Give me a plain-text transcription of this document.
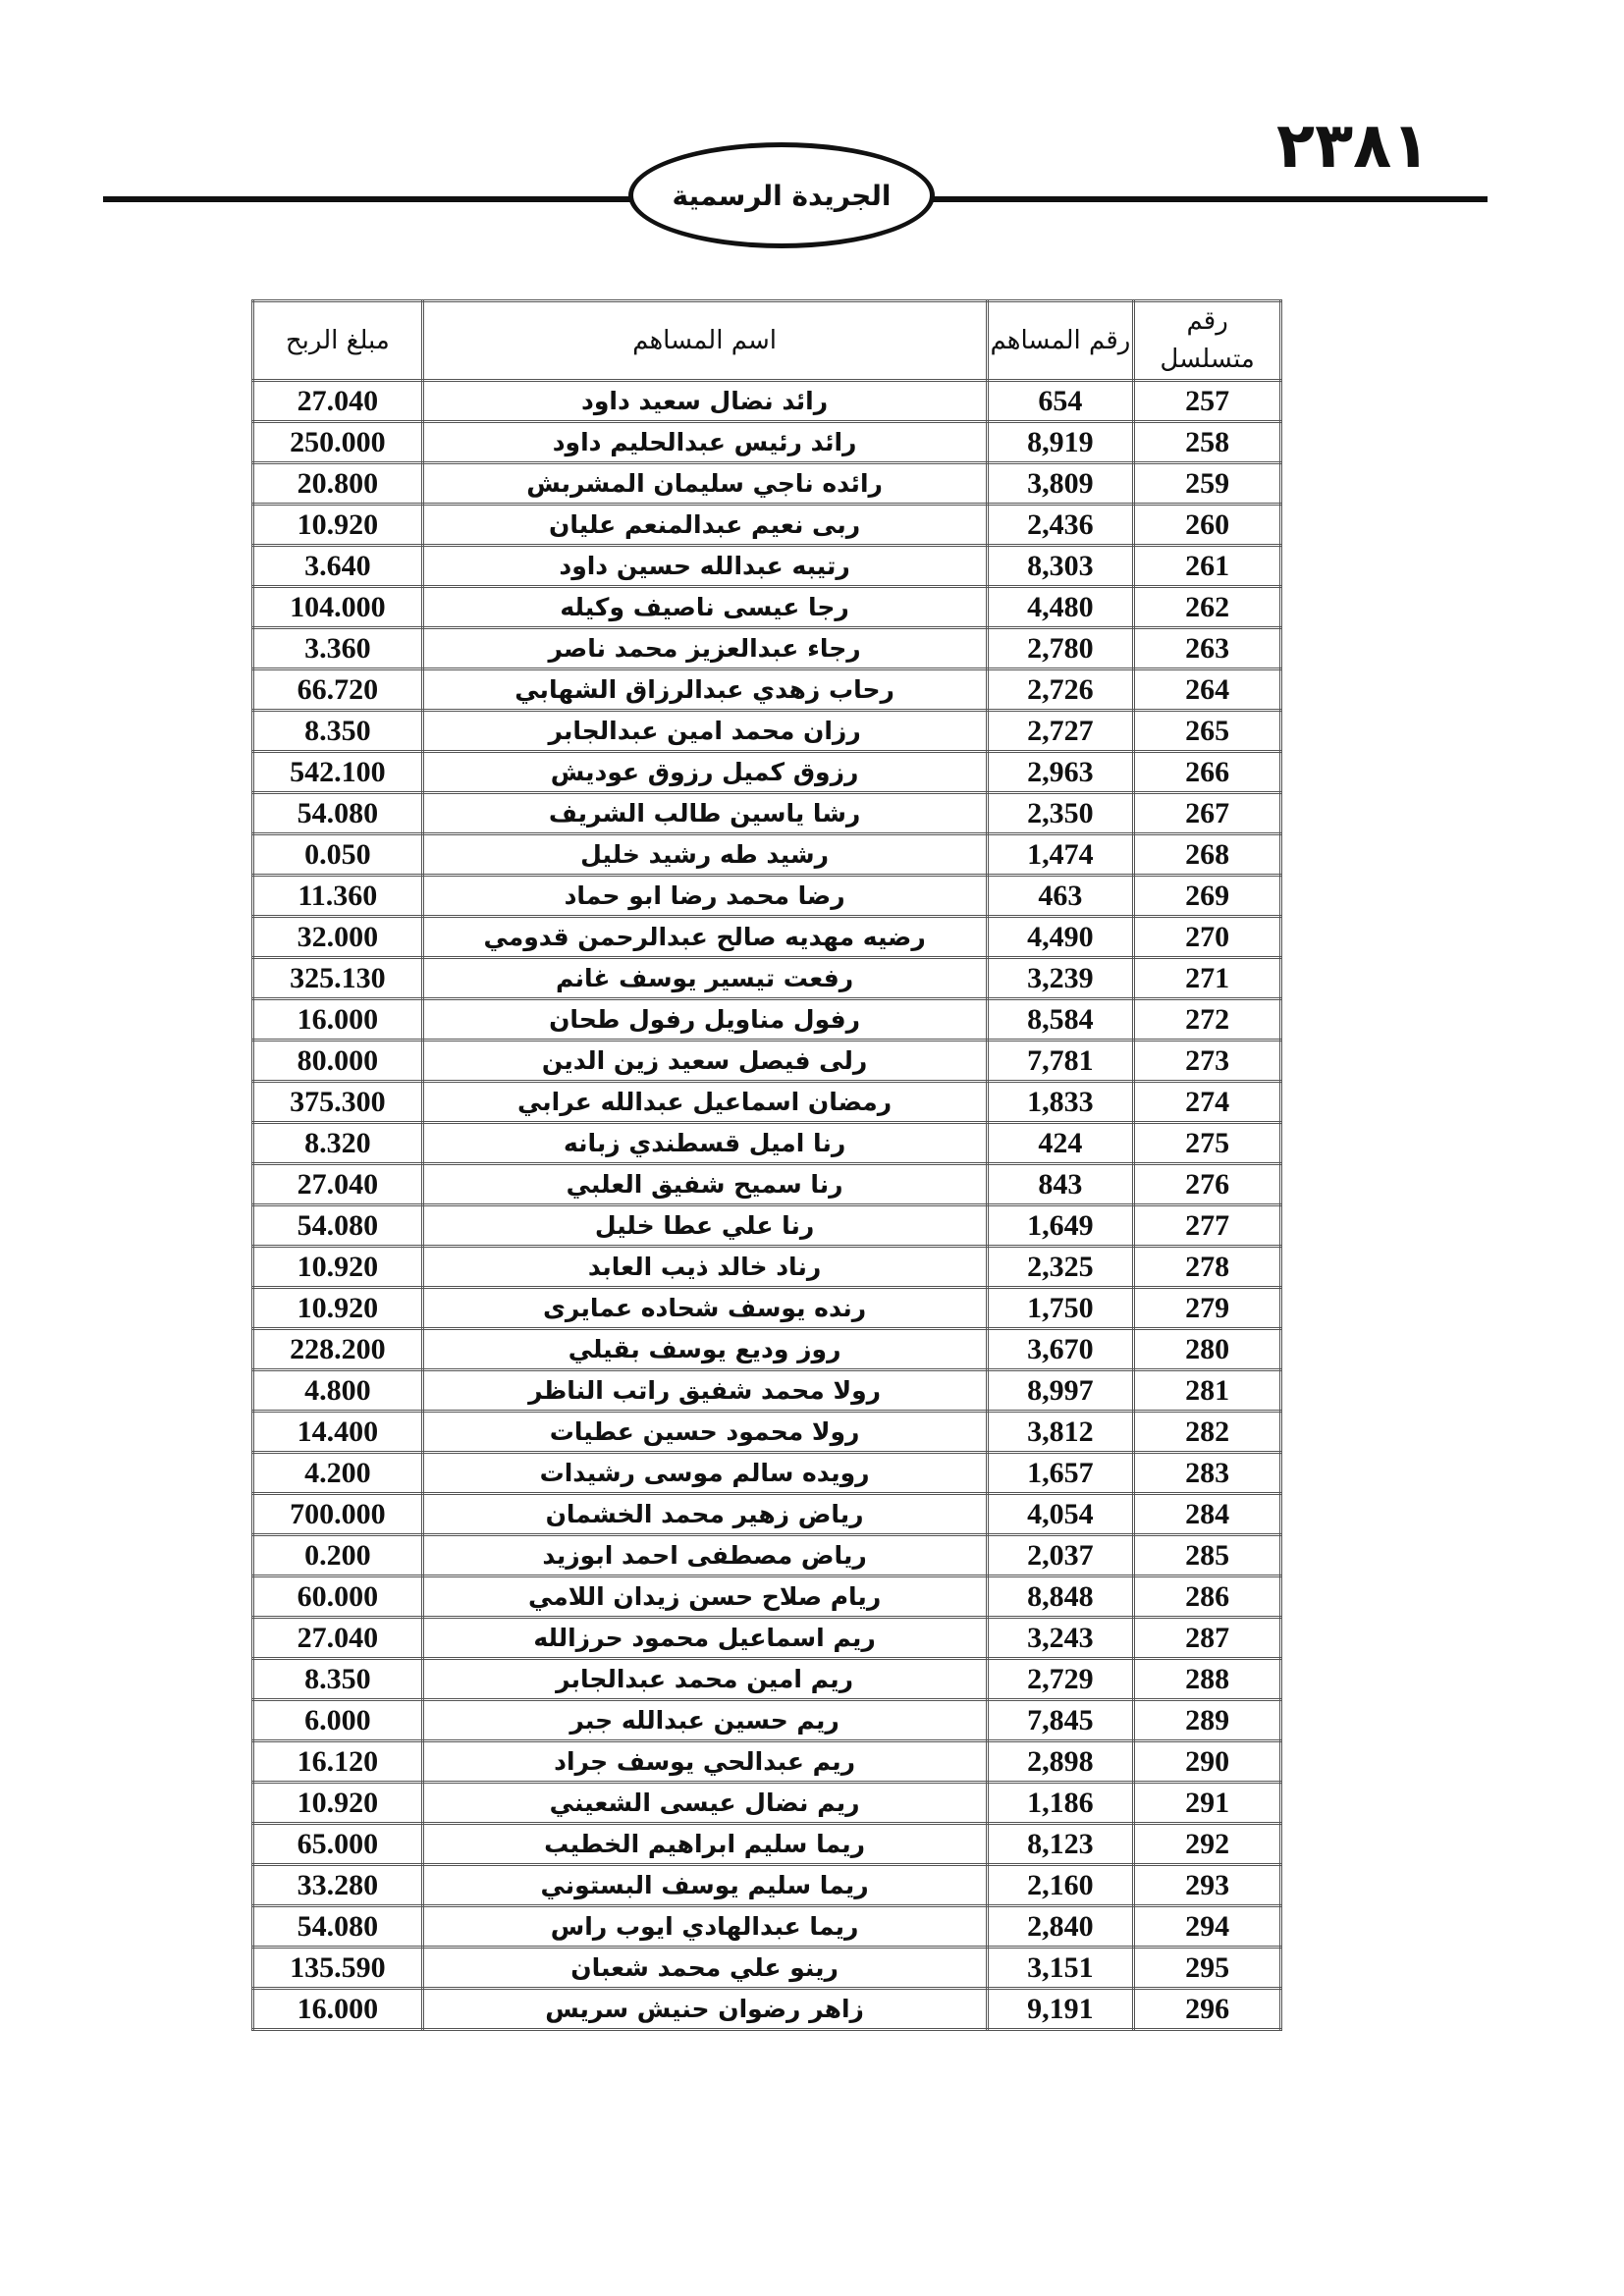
٢٣٨١
الجريدة الرسمية
رقم متسلسل	رقم المساهم	اسم المساهم	مبلغ الربح
257	654	رائد نضال سعيد داود	27.040
258	8,919	رائد رئيس عبدالحليم داود	250.000
259	3,809	رائده ناجي سليمان المشربش	20.800
260	2,436	ربى نعيم عبدالمنعم عليان	10.920
261	8,303	رتيبه عبدالله حسين داود	3.640
262	4,480	رجا عيسى ناصيف وكيله	104.000
263	2,780	رجاء عبدالعزيز محمد ناصر	3.360
264	2,726	رحاب زهدي عبدالرزاق الشهابي	66.720
265	2,727	رزان محمد امين عبدالجابر	8.350
266	2,963	رزوق كميل رزوق عوديش	542.100
267	2,350	رشا ياسين طالب الشريف	54.080
268	1,474	رشيد طه رشيد خليل	0.050
269	463	رضا محمد رضا ابو حماد	11.360
270	4,490	رضيه مهديه صالح عبدالرحمن قدومي	32.000
271	3,239	رفعت تيسير يوسف غانم	325.130
272	8,584	رفول مناويل رفول طحان	16.000
273	7,781	رلى فيصل سعيد زين الدين	80.000
274	1,833	رمضان اسماعيل عبدالله عرابي	375.300
275	424	رنا اميل قسطندي زبانه	8.320
276	843	رنا سميح شفيق العلبي	27.040
277	1,649	رنا علي عطا خليل	54.080
278	2,325	رناد خالد ذيب العابد	10.920
279	1,750	رنده يوسف شحاده عمايرى	10.920
280	3,670	روز وديع يوسف بقيلي	228.200
281	8,997	رولا محمد شفيق راتب الناظر	4.800
282	3,812	رولا محمود حسين عطيات	14.400
283	1,657	رويده سالم موسى رشيدات	4.200
284	4,054	رياض زهير محمد الخشمان	700.000
285	2,037	رياض مصطفى احمد ابوزيد	0.200
286	8,848	ريام صلاح حسن زيدان اللامي	60.000
287	3,243	ريم اسماعيل محمود حرزالله	27.040
288	2,729	ريم امين محمد عبدالجابر	8.350
289	7,845	ريم حسين عبدالله جبر	6.000
290	2,898	ريم عبدالحي يوسف جراد	16.120
291	1,186	ريم نضال عيسى الشعيني	10.920
292	8,123	ريما سليم ابراهيم الخطيب	65.000
293	2,160	ريما سليم يوسف البستوني	33.280
294	2,840	ريما عبدالهادي ايوب راس	54.080
295	3,151	رينو علي محمد شعبان	135.590
296	9,191	زاهر رضوان حنيش سريس	16.000
